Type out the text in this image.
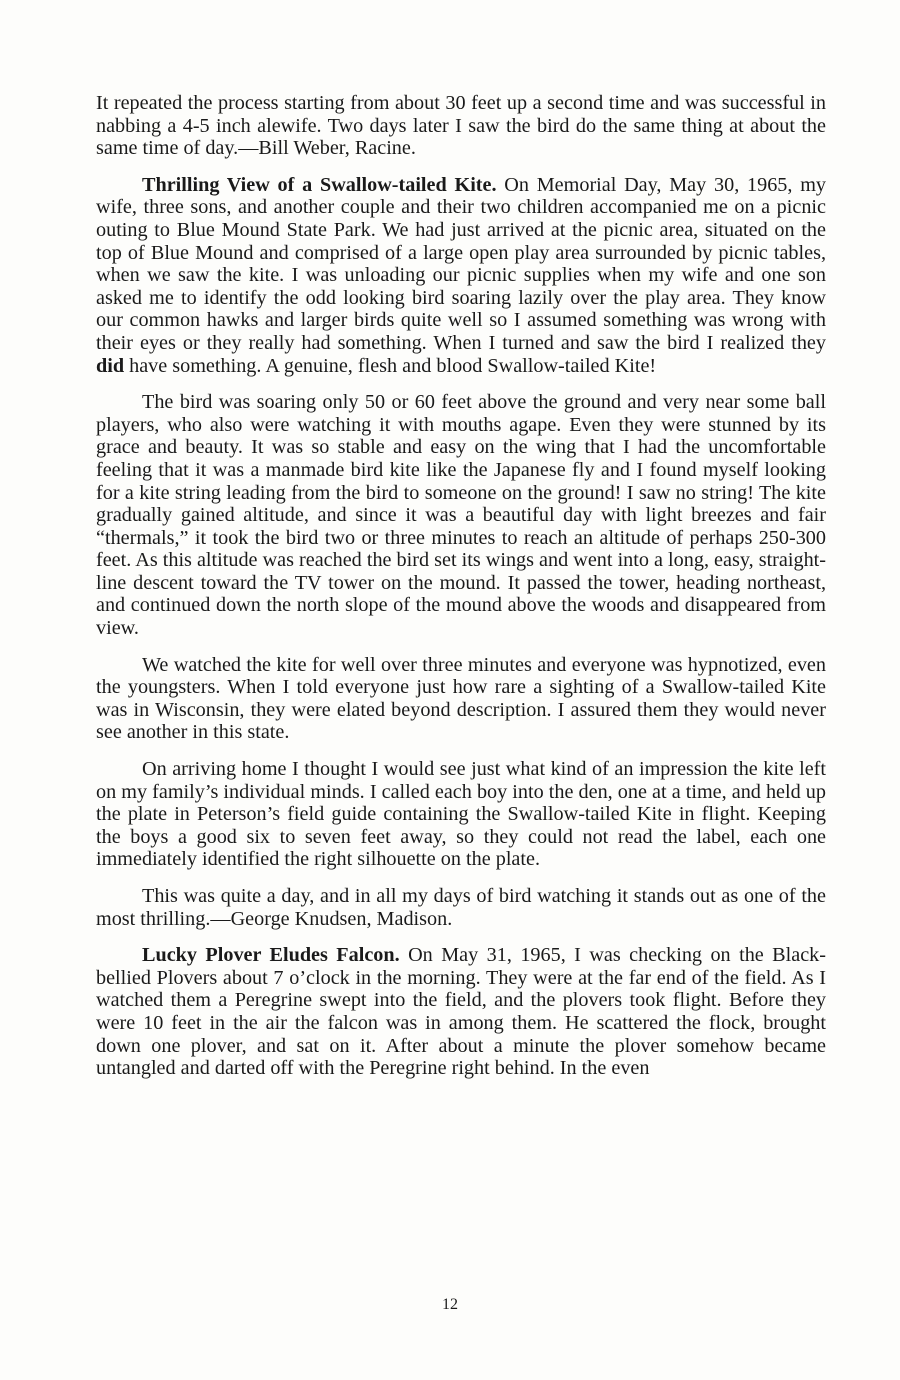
It repeated the process starting from about 30 feet up a second time and was successful in nabbing a 4-5 inch alewife. Two days later I saw the bird do the same thing at about the same time of day.—Bill Weber, Racine.

Thrilling View of a Swallow-tailed Kite. On Memorial Day, May 30, 1965, my wife, three sons, and another couple and their two children accompanied me on a picnic outing to Blue Mound State Park. We had just arrived at the picnic area, situated on the top of Blue Mound and comprised of a large open play area surrounded by picnic tables, when we saw the kite. I was unloading our picnic supplies when my wife and one son asked me to identify the odd looking bird soaring lazily over the play area. They know our common hawks and larger birds quite well so I assumed something was wrong with their eyes or they really had something. When I turned and saw the bird I realized they did have something. A genuine, flesh and blood Swallow-tailed Kite!

The bird was soaring only 50 or 60 feet above the ground and very near some ball players, who also were watching it with mouths agape. Even they were stunned by its grace and beauty. It was so stable and easy on the wing that I had the uncomfortable feeling that it was a manmade bird kite like the Japanese fly and I found myself looking for a kite string leading from the bird to someone on the ground! I saw no string! The kite gradually gained altitude, and since it was a beautiful day with light breezes and fair “thermals,” it took the bird two or three minutes to reach an altitude of perhaps 250-300 feet. As this altitude was reached the bird set its wings and went into a long, easy, straight-line descent toward the TV tower on the mound. It passed the tower, heading northeast, and continued down the north slope of the mound above the woods and disappeared from view.

We watched the kite for well over three minutes and everyone was hypnotized, even the youngsters. When I told everyone just how rare a sighting of a Swallow-tailed Kite was in Wisconsin, they were elated beyond description. I assured them they would never see another in this state.

On arriving home I thought I would see just what kind of an impression the kite left on my family’s individual minds. I called each boy into the den, one at a time, and held up the plate in Peterson’s field guide containing the Swallow-tailed Kite in flight. Keeping the boys a good six to seven feet away, so they could not read the label, each one immediately identified the right silhouette on the plate.

This was quite a day, and in all my days of bird watching it stands out as one of the most thrilling.—George Knudsen, Madison.

Lucky Plover Eludes Falcon. On May 31, 1965, I was checking on the Black-bellied Plovers about 7 o’clock in the morning. They were at the far end of the field. As I watched them a Peregrine swept into the field, and the plovers took flight. Before they were 10 feet in the air the falcon was in among them. He scattered the flock, brought down one plover, and sat on it. After about a minute the plover somehow became untangled and darted off with the Peregrine right behind. In the even

12
